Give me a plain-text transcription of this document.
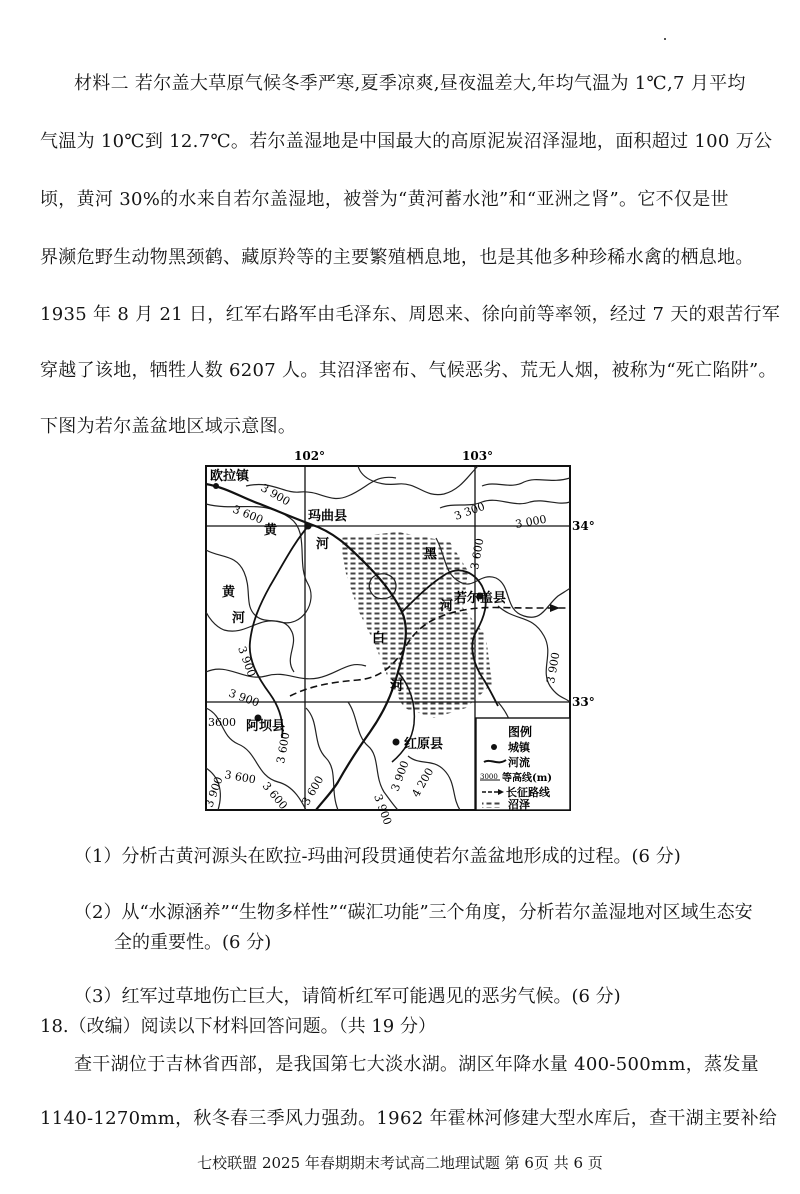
材料二 若尔盖大草原气候冬季严寒,夏季凉爽,昼夜温差大,年均气温为 1℃,7 月平均
气温为 10℃到 12.7℃。若尔盖湿地是中国最大的高原泥炭沼泽湿地，面积超过 100 万公
顷，黄河 30%的水来自若尔盖湿地，被誉为“黄河蓄水池”和“亚洲之肾”。它不仅是世
界濒危野生动物黑颈鹤、藏原羚等的主要繁殖栖息地，也是其他多种珍稀水禽的栖息地。
1935 年 8 月 21 日，红军右路军由毛泽东、周恩来、徐向前等率领，经过 7 天的艰苦行军
穿越了该地，牺牲人数 6207 人。其沼泽密布、气候恶劣、荒无人烟，被称为“死亡陷阱”。
下图为若尔盖盆地区域示意图。
102°	103°
34°
33°
欧拉镇
玛曲县
若尔盖县
阿坝县
红原县
黄
河
黄
河
黑
河
白
河
3 900
3 600	3 300	3 000
3 600
3 900	3 900
3 900
3600
3 600
3 600
3 600
3 900	3 600
3 900
4 200
3 900
图例
城镇
河流
3000 等高线(m)
长征路线
沼泽
（1）分析古黄河源头在欧拉-玛曲河段贯通使若尔盖盆地形成的过程。(6 分)
（2）从“水源涵养”“生物多样性”“碳汇功能”三个角度，分析若尔盖湿地对区域生态安
全的重要性。(6 分)
（3）红军过草地伤亡巨大，请简析红军可能遇见的恶劣气候。(6 分)
18.（改编）阅读以下材料回答问题。（共 19 分）
查干湖位于吉林省西部，是我国第七大淡水湖。湖区年降水量 400-500mm，蒸发量
1140-1270mm，秋冬春三季风力强劲。1962 年霍林河修建大型水库后，查干湖主要补给
七校联盟 2025 年春期期末考试高二地理试题 第 6页 共 6 页
